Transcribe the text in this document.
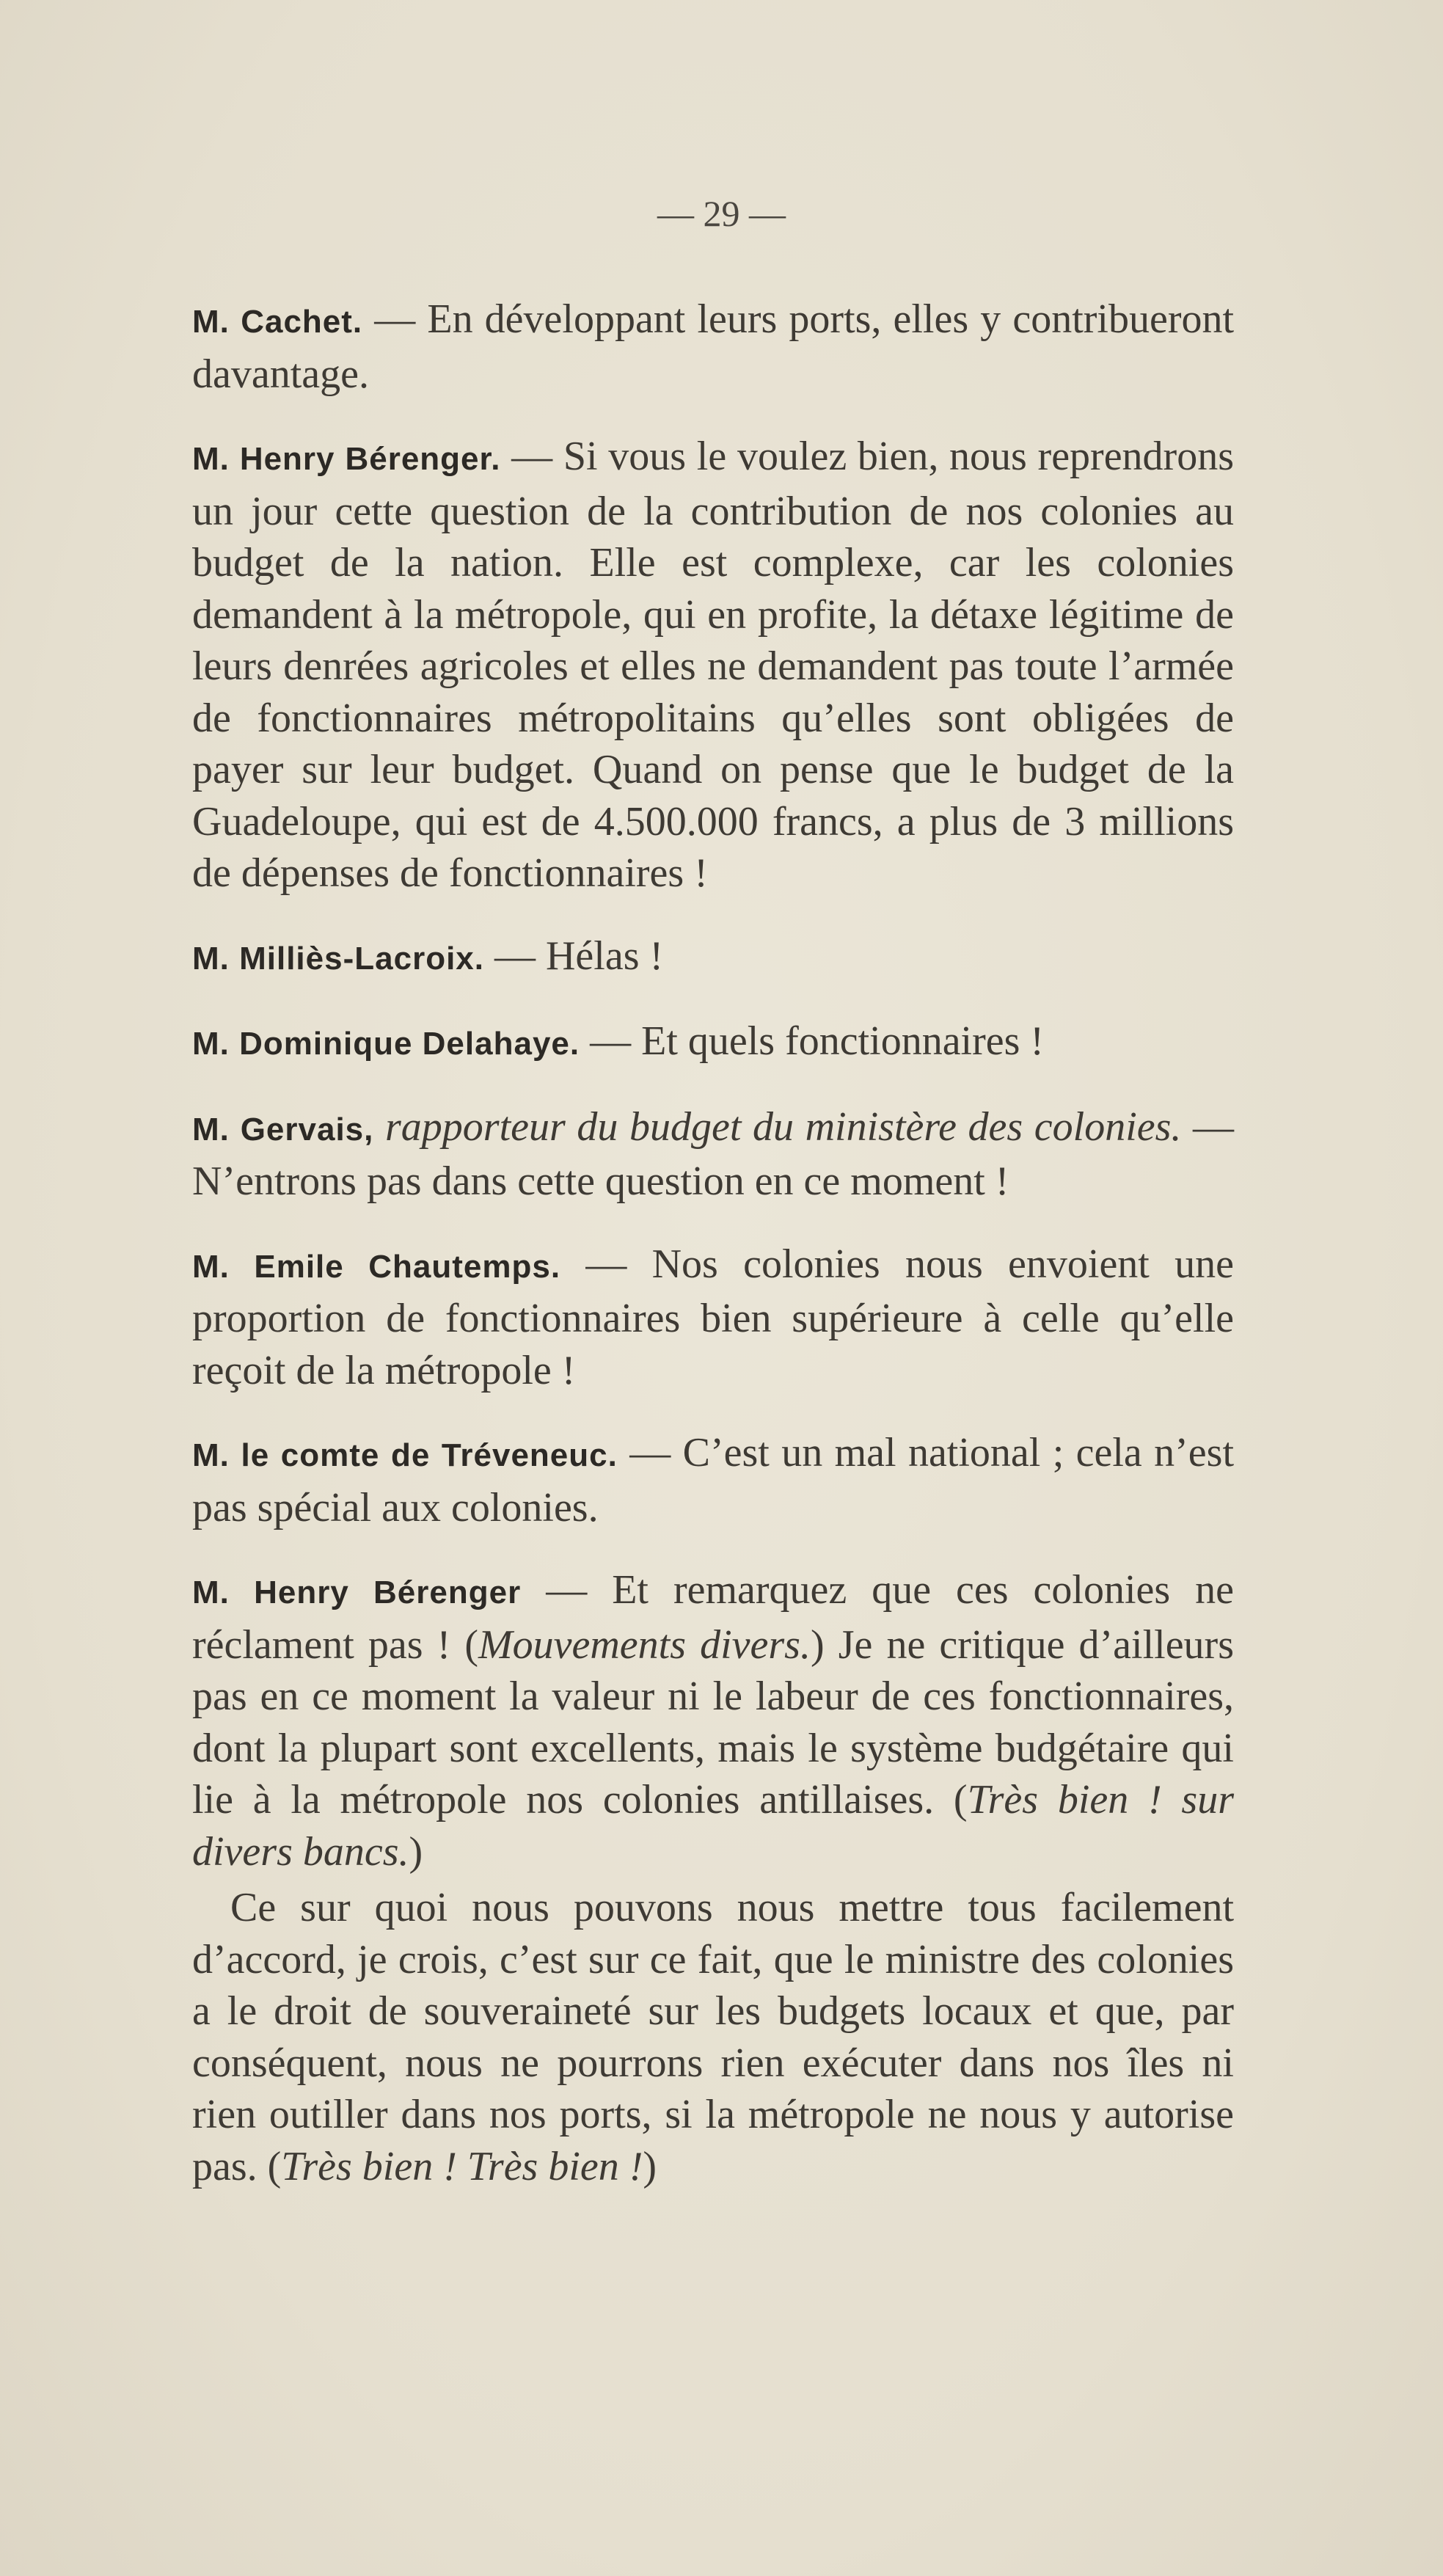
— 29 —

M. Cachet. — En développant leurs ports, elles y contribueront davantage.

M. Henry Bérenger. — Si vous le voulez bien, nous reprendrons un jour cette question de la contribution de nos colonies au budget de la nation. Elle est complexe, car les colonies demandent à la métropole, qui en profite, la détaxe légitime de leurs denrées agricoles et elles ne demandent pas toute l’armée de fonctionnaires métropolitains qu’elles sont obligées de payer sur leur budget. Quand on pense que le budget de la Guadeloupe, qui est de 4.500.000 francs, a plus de 3 millions de dépenses de fonctionnaires !

M. Milliès-Lacroix. — Hélas !

M. Dominique Delahaye. — Et quels fonctionnaires !

M. Gervais, rapporteur du budget du ministère des colonies. — N’entrons pas dans cette question en ce moment !

M. Emile Chautemps. — Nos colonies nous envoient une proportion de fonctionnaires bien supérieure à celle qu’elle reçoit de la métropole !

M. le comte de Tréveneuc. — C’est un mal national ; cela n’est pas spécial aux colonies.

M. Henry Bérenger — Et remarquez que ces colonies ne réclament pas ! (Mouvements divers.) Je ne critique d’ailleurs pas en ce moment la valeur ni le labeur de ces fonctionnaires, dont la plupart sont excellents, mais le système budgétaire qui lie à la métropole nos colonies antillaises. (Très bien ! sur divers bancs.)

Ce sur quoi nous pouvons nous mettre tous facilement d’accord, je crois, c’est sur ce fait, que le ministre des colonies a le droit de souveraineté sur les budgets locaux et que, par conséquent, nous ne pourrons rien exécuter dans nos îles ni rien outiller dans nos ports, si la métropole ne nous y autorise pas. (Très bien ! Très bien !)
